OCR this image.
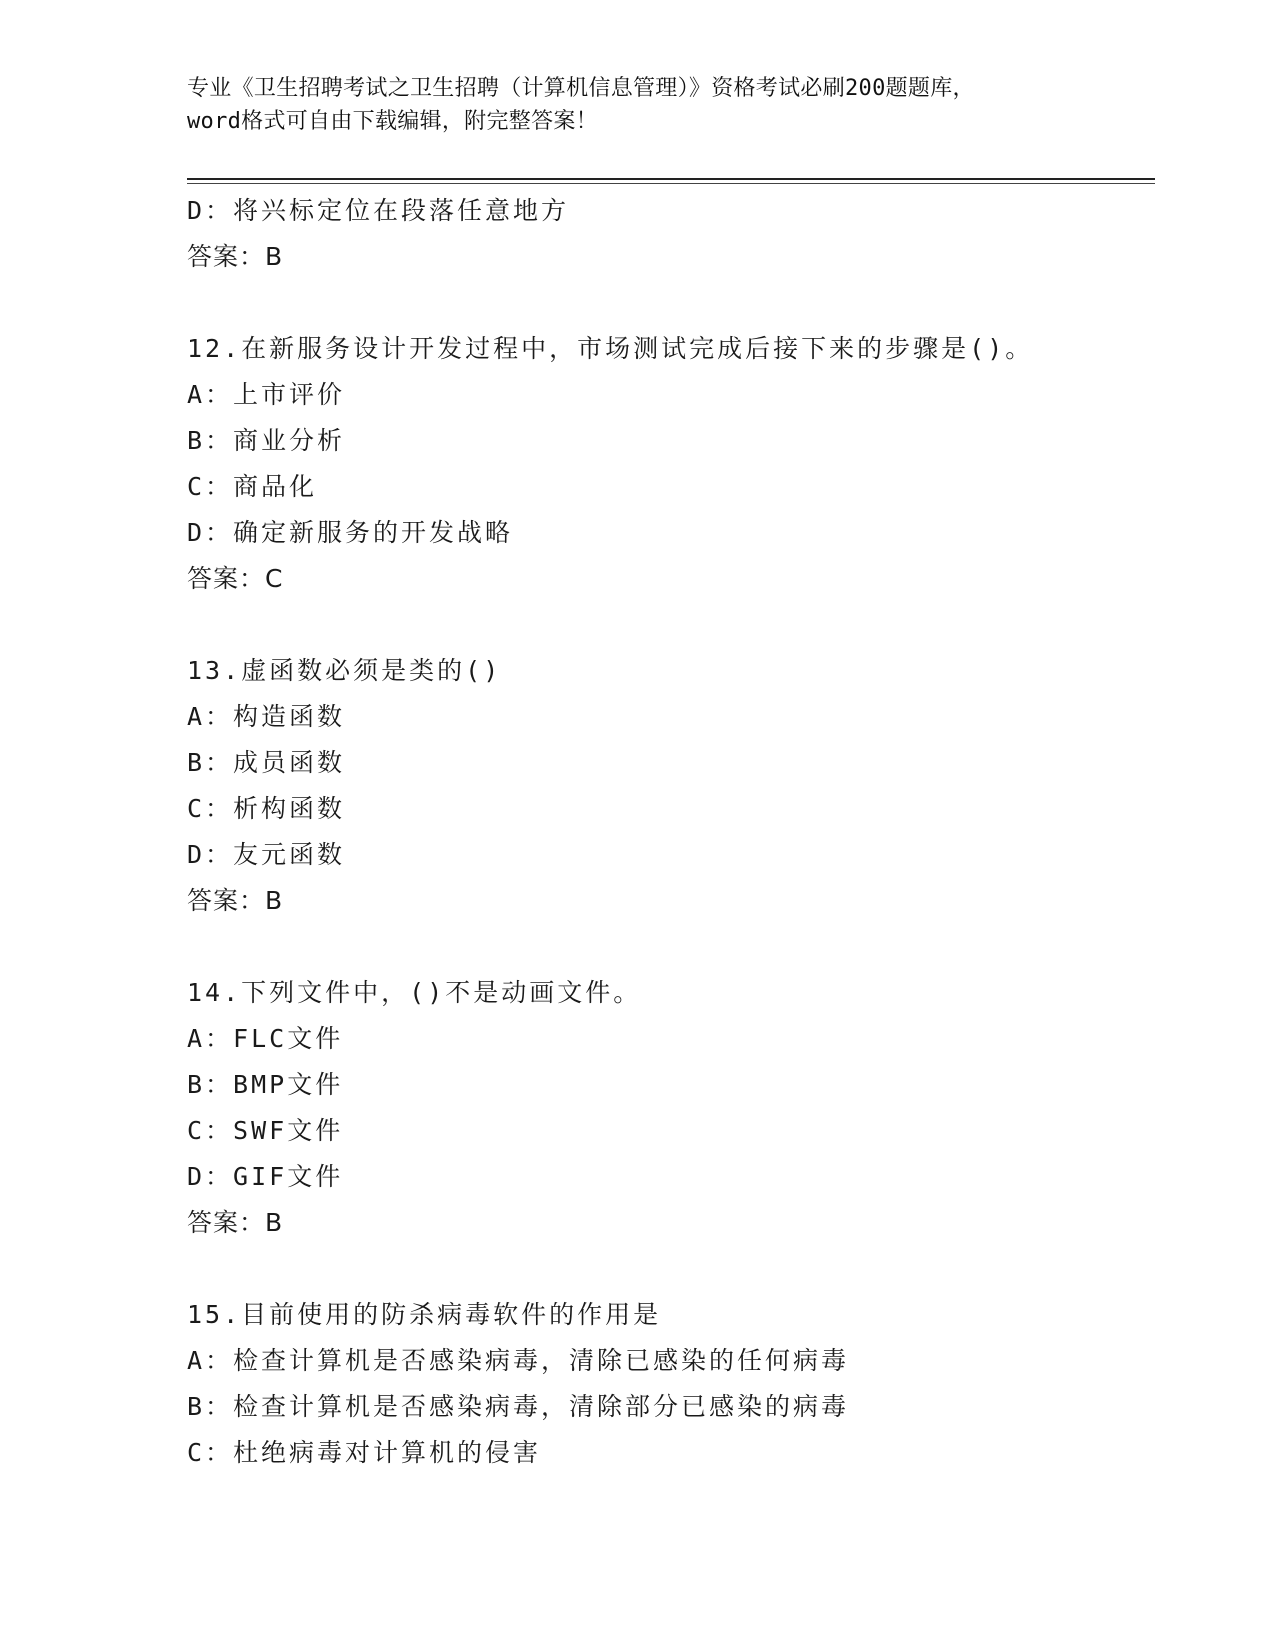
专业《卫生招聘考试之卫生招聘（计算机信息管理）》资格考试必刷200题题库，
word格式可自由下载编辑，附完整答案！
D：将兴标定位在段落任意地方
答案：B
12.在新服务设计开发过程中，市场测试完成后接下来的步骤是()。
A：上市评价
B：商业分析
C：商品化
D：确定新服务的开发战略
答案：C
13.虚函数必须是类的()
A：构造函数
B：成员函数
C：析构函数
D：友元函数
答案：B
14.下列文件中，()不是动画文件。
A：FLC文件
B：BMP文件
C：SWF文件
D：GIF文件
答案：B
15.目前使用的防杀病毒软件的作用是
A：检查计算机是否感染病毒，清除已感染的任何病毒
B：检查计算机是否感染病毒，清除部分已感染的病毒
C：杜绝病毒对计算机的侵害
